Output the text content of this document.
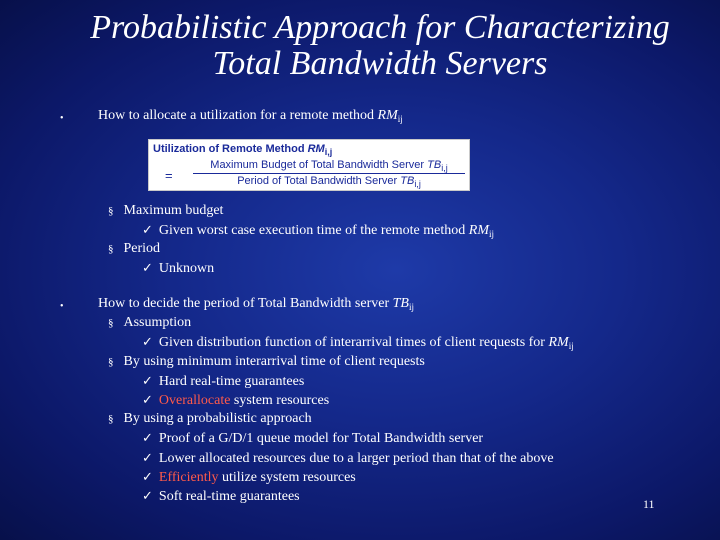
Probabilistic Approach for Characterizing
Total Bandwidth Servers
• How to allocate a utilization for a remote method $RM_{ij}$
Utilization of Remote Method $RM_{i,j}$
=
Maximum Budget of Total Bandwidth Server $TB_{i,j}$
Period of Total Bandwidth Server $TB_{i,j}$
§ Maximum budget
✓ Given worst case execution time of the remote method $RM_{ij}$
§ Period
✓ Unknown
• How to decide the period of Total Bandwidth server $TB_{ij}$
§ Assumption
✓ Given distribution function of interarrival times of client requests for $RM_{ij}$
§ By using minimum interarrival time of client requests
✓ Hard real-time guarantees
✓ Overallocate system resources
§ By using a probabilistic approach
✓ Proof of a G/D/1 queue model for Total Bandwidth server
✓ Lower allocated resources due to a larger period than that of the above
✓ Efficiently utilize system resources
✓ Soft real-time guarantees	11
